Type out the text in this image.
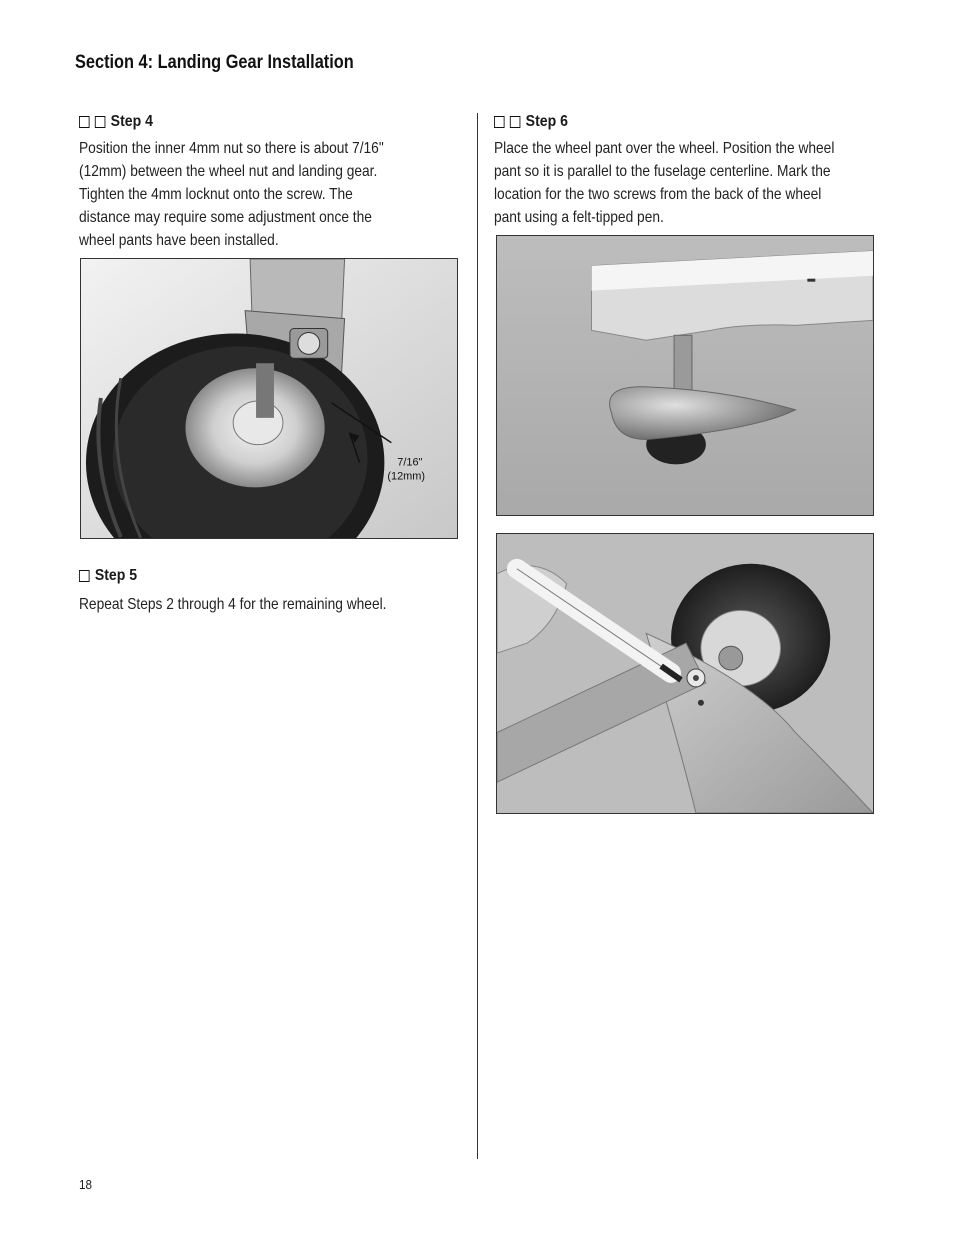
Section 4: Landing Gear Installation
Step 4
Position the inner 4mm nut so there is about 7/16"
(12mm) between the wheel nut and landing gear.
Tighten the 4mm locknut onto the screw. The
distance may require some adjustment once the
wheel pants have been installed.
7/16"
(12mm)
Step 5
Repeat Steps 2 through 4 for the remaining wheel.
Step 6
Place the wheel pant over the wheel. Position the wheel
pant so it is parallel to the fuselage centerline. Mark the
location for the two screws from the back of the wheel
pant using a felt-tipped pen.
18
